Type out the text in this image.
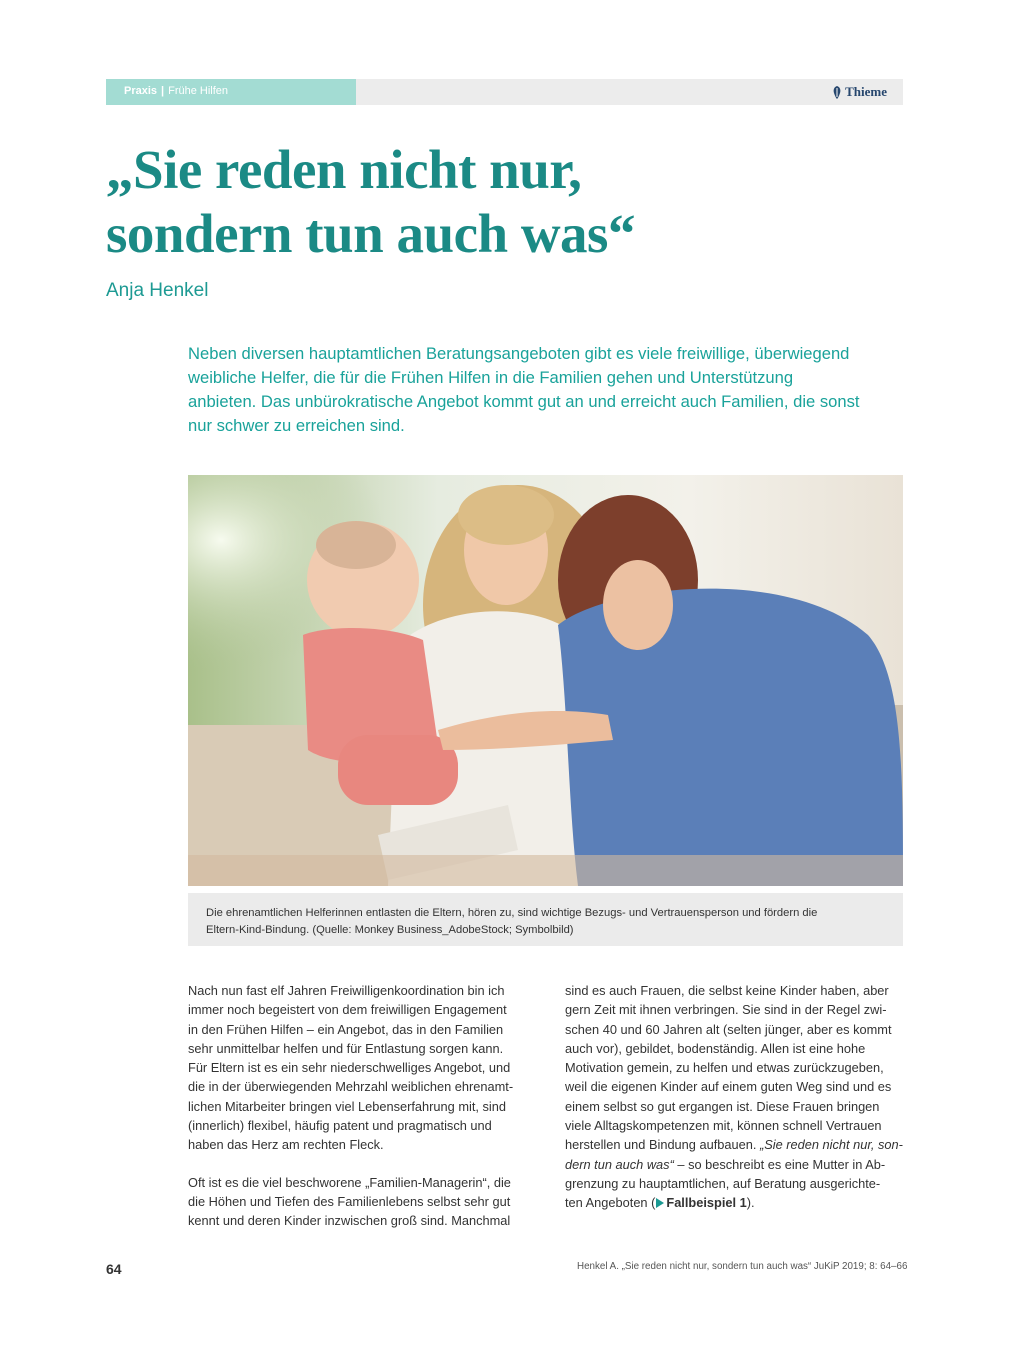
Praxis | Frühe Hilfen	Thieme
„Sie reden nicht nur,
sondern tun auch was“
Anja Henkel

Neben diversen hauptamtlichen Beratungsangeboten gibt es viele freiwillige, überwiegend
weibliche Helfer, die für die Frühen Hilfen in die Familien gehen und Unterstützung
anbieten. Das unbürokratische Angebot kommt gut an und erreicht auch Familien, die sonst
nur schwer zu erreichen sind.

Die ehrenamtlichen Helferinnen entlasten die Eltern, hören zu, sind wichtige Bezugs- und Vertrauensperson und fördern die
Eltern-Kind-Bindung. (Quelle: Monkey Business_AdobeStock; Symbolbild)
Nach nun fast elf Jahren Freiwilligenkoordination bin ich
immer noch begeistert von dem freiwilligen Engagement
in den Frühen Hilfen – ein Angebot, das in den Familien
sehr unmittelbar helfen und für Entlastung sorgen kann.
Für Eltern ist es ein sehr niederschwelliges Angebot, und
die in der überwiegenden Mehrzahl weiblichen ehrenamt-
lichen Mitarbeiter bringen viel Lebenserfahrung mit, sind
(innerlich) flexibel, häufig patent und pragmatisch und
haben das Herz am rechten Fleck.
Oft ist es die viel beschworene „Familien-Managerin“, die
die Höhen und Tiefen des Familienlebens selbst sehr gut
kennt und deren Kinder inzwischen groß sind. Manchmal
sind es auch Frauen, die selbst keine Kinder haben, aber
gern Zeit mit ihnen verbringen. Sie sind in der Regel zwi-
schen 40 und 60 Jahren alt (selten jünger, aber es kommt
auch vor), gebildet, bodenständig. Allen ist eine hohe
Motivation gemein, zu helfen und etwas zurückzugeben,
weil die eigenen Kinder auf einem guten Weg sind und es
einem selbst so gut ergangen ist. Diese Frauen bringen
viele Alltagskompetenzen mit, können schnell Vertrauen
herstellen und Bindung aufbauen. „Sie reden nicht nur, son-
dern tun auch was“ – so beschreibt es eine Mutter in Ab-
grenzung zu hauptamtlichen, auf Beratung ausgerichte-
ten Angeboten ( Fallbeispiel 1).
64	Henkel A. „Sie reden nicht nur, sondern tun auch was“ JuKiP 2019; 8: 64–66
